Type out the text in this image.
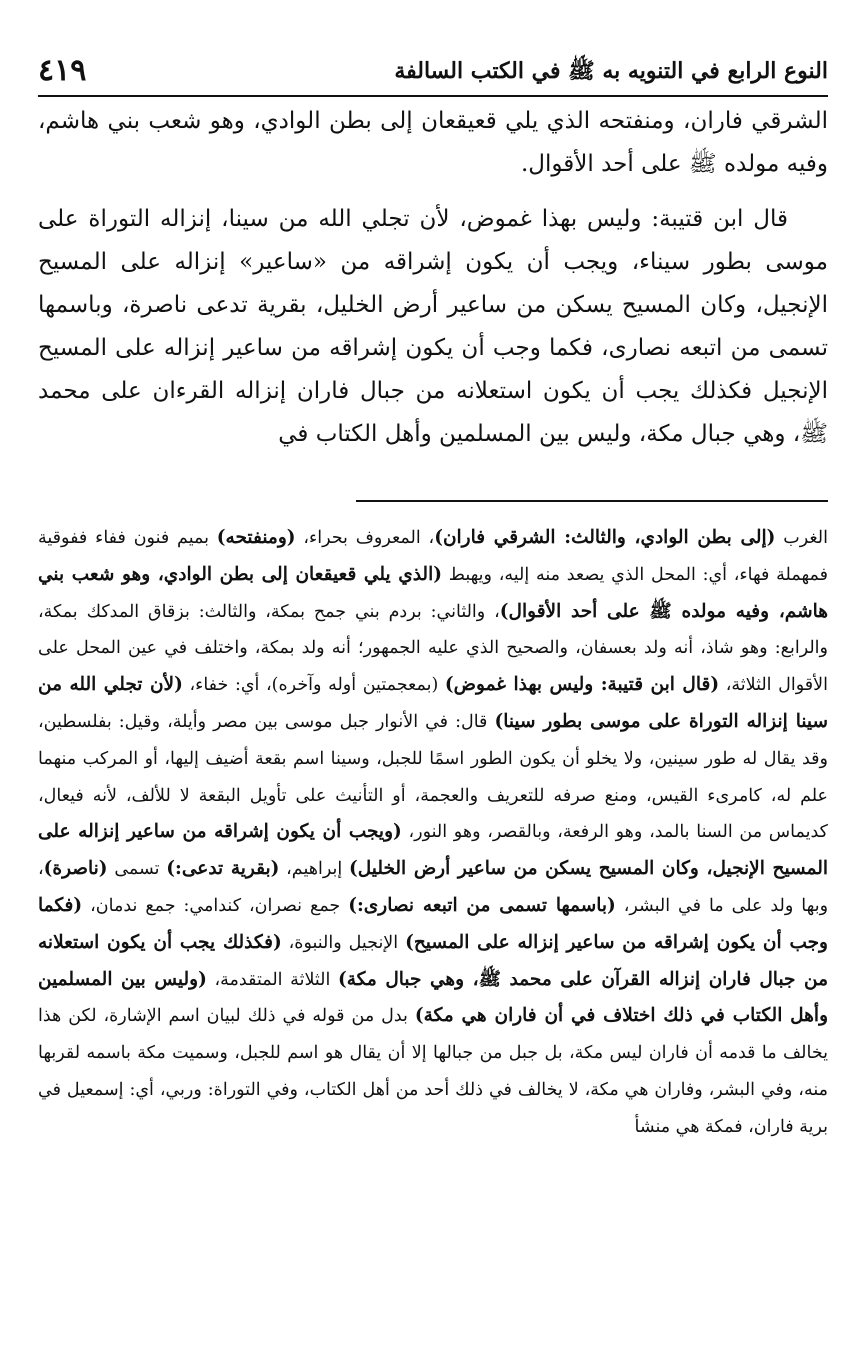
٤١٩	النوع الرابع في التنويه به ﷺ في الكتب السالفة

الشرقي فاران، ومنفتحه الذي يلي قعيقعان إلى بطن الوادي، وهو شعب بني هاشم، وفيه مولده ﷺ على أحد الأقوال.

قال ابن قتيبة: وليس بهذا غموض، لأن تجلي الله من سينا، إنزاله التوراة على موسى بطور سيناء، ويجب أن يكون إشراقه من «ساعير» إنزاله على المسيح الإنجيل، وكان المسيح يسكن من ساعير أرض الخليل، بقرية تدعى ناصرة، وباسمها تسمى من اتبعه نصارى، فكما وجب أن يكون إشراقه من ساعير إنزاله على المسيح الإنجيل فكذلك يجب أن يكون استعلانه من جبال فاران إنزاله القرءان على محمد ﷺ، وهي جبال مكة، وليس بين المسلمين وأهل الكتاب في

الغرب (إلى بطن الوادي، والثالث: الشرقي فاران)، المعروف بحراء، (ومنفتحه) بميم فنون ففاء ففوقية فمهملة فهاء، أي: المحل الذي يصعد منه إليه، ويهبط (الذي يلي قعيقعان إلى بطن الوادي، وهو شعب بني هاشم، وفيه مولده ﷺ على أحد الأقوال)، والثاني: بردم بني جمح بمكة، والثالث: بزقاق المدكك بمكة، والرابع: وهو شاذ، أنه ولد بعسفان، والصحيح الذي عليه الجمهور؛ أنه ولد بمكة، واختلف في عين المحل على الأقوال الثلاثة، (قال ابن قتيبة: وليس بهذا غموض) (بمعجمتين أوله وآخره)، أي: خفاء، (لأن تجلي الله من سينا إنزاله التوراة على موسى بطور سينا) قال: في الأنوار جبل موسى بين مصر وأيلة، وقيل: بفلسطين، وقد يقال له طور سينين، ولا يخلو أن يكون الطور اسمًا للجبل، وسينا اسم بقعة أضيف إليها، أو المركب منهما علم له، كامرىء القيس، ومنع صرفه للتعريف والعجمة، أو التأنيث على تأويل البقعة لا للألف، لأنه فيعال، كديماس من السنا بالمد، وهو الرفعة، وبالقصر، وهو النور، (ويجب أن يكون إشراقه من ساعير إنزاله على المسيح الإنجيل، وكان المسيح يسكن من ساعير أرض الخليل) إبراهيم، (بقرية تدعى:) تسمى (ناصرة)، وبها ولد على ما في البشر، (باسمها تسمى من اتبعه نصارى:) جمع نصران، كندامي: جمع ندمان، (فكما وجب أن يكون إشراقه من ساعير إنزاله على المسيح) الإنجيل والنبوة، (فكذلك يجب أن يكون استعلانه من جبال فاران إنزاله القرآن على محمد ﷺ، وهي جبال مكة) الثلاثة المتقدمة، (وليس بين المسلمين وأهل الكتاب في ذلك اختلاف في أن فاران هي مكة) بدل من قوله في ذلك لبيان اسم الإشارة، لكن هذا يخالف ما قدمه أن فاران ليس مكة، بل جبل من جبالها إلا أن يقال هو اسم للجبل، وسميت مكة باسمه لقربها منه، وفي البشر، وفاران هي مكة، لا يخالف في ذلك أحد من أهل الكتاب، وفي التوراة: وربي، أي: إسمعيل في برية فاران، فمكة هي منشأ
